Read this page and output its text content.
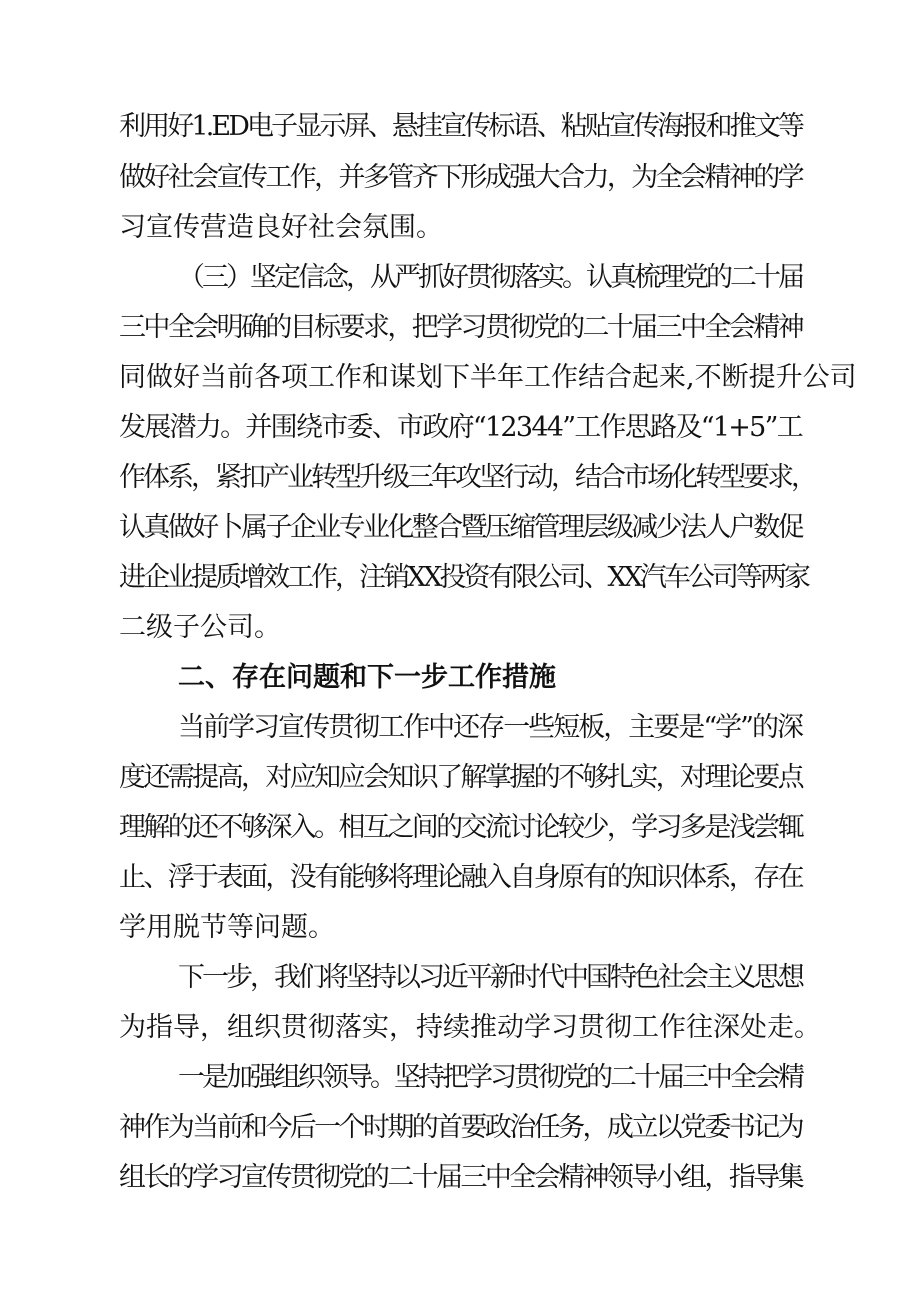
利用好1.ED电子显示屏、悬挂宣传标语、粘贴宣传海报和推文等
做好社会宣传工作，并多管齐下形成强大合力，为全会精神的学
习宣传营造良好社会氛围。
（三）坚定信念，从严抓好贯彻落实。认真梳理党的二十届
三中全会明确的目标要求，把学习贯彻党的二十届三中全会精神
同做好当前各项工作和谋划下半年工作结合起来,不断提升公司
发展潜力。并围绕市委、市政府“12344”工作思路及“1+5”工
作体系，紧扣产业转型升级三年攻坚行动，结合市场化转型要求，
认真做好卜属子企业专业化整合暨压缩管理层级减少法人户数促
进企业提质增效工作，注销XX投资有限公司、XX汽车公司等两家
二级子公司。
二、存在问题和下一步工作措施
当前学习宣传贯彻工作中还存一些短板，主要是“学”的深
度还需提高，对应知应会知识了解掌握的不够扎实，对理论要点
理解的还不够深入。相互之间的交流讨论较少，学习多是浅尝辄
止、浮于表面，没有能够将理论融入自身原有的知识体系，存在
学用脱节等问题。
下一步，我们将坚持以习近平新时代中国特色社会主义思想
为指导，组织贯彻落实，持续推动学习贯彻工作往深处走。
一是加强组织领导。坚持把学习贯彻党的二十届三中全会精
神作为当前和今后一个时期的首要政治任务，成立以党委书记为
组长的学习宣传贯彻党的二十届三中全会精神领导小组，指导集
